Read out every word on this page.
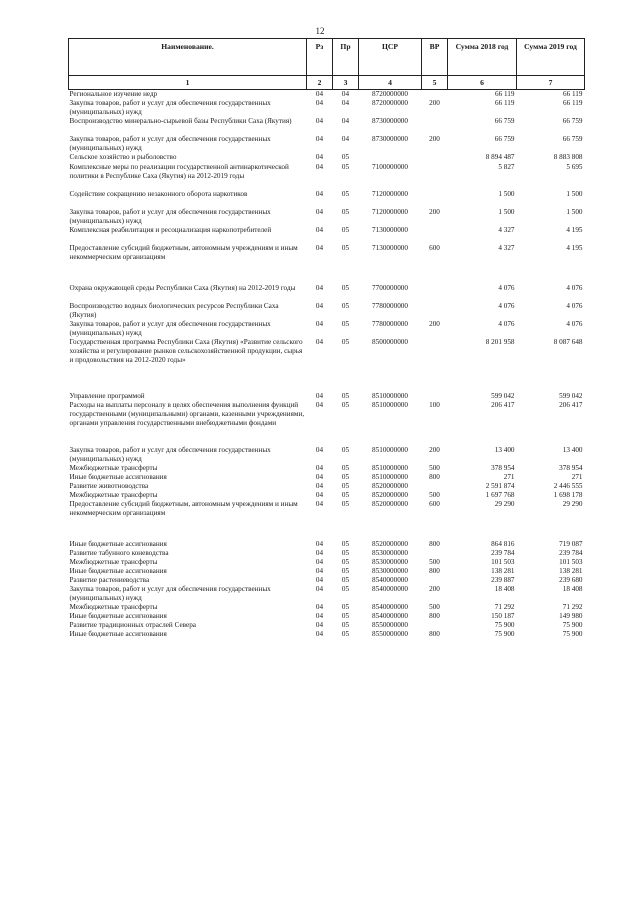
12
Наименование.	Рз	Пр	ЦСР	ВР	Сумма 2018 год	Сумма 2019 год
1	2	3	4	5	6	7
Региональное изучение недр	04	04	8720000000		66 119	66 119
Закупка товаров, работ и услуг для обеспечения государственных (муниципальных) нужд	04	04	8720000000	200	66 119	66 119
Воспроизводство минерально-сырьевой базы Республики Саха (Якутия)	04	04	8730000000		66 759	66 759
Закупка товаров, работ и услуг для обеспечения государственных (муниципальных) нужд	04	04	8730000000	200	66 759	66 759
Сельское хозяйство и рыболовство	04	05			8 894 487	8 883 808
Комплексные меры по реализации государственной антинаркотической политики в Республике Саха (Якутия) на 2012-2019 годы	04	05	7100000000		5 827	5 695
Содействие сокращению незаконного оборота наркотиков	04	05	7120000000		1 500	1 500
Закупка товаров, работ и услуг для обеспечения государственных (муниципальных) нужд	04	05	7120000000	200	1 500	1 500
Комплексная реабилитация и ресоциализация наркопотребителей	04	05	7130000000		4 327	4 195
Предоставление субсидий бюджетным, автономным учреждениям и иным некоммерческим организациям	04	05	7130000000	600	4 327	4 195

Охрана окружающей среды Республики Саха (Якутия) на 2012-2019 годы	04	05	7700000000		4 076	4 076
Воспроизводство водных биологических ресурсов Республики Саха (Якутия)	04	05	7780000000		4 076	4 076
Закупка товаров, работ и услуг для обеспечения государственных (муниципальных) нужд	04	05	7780000000	200	4 076	4 076
Государственная программа Республики Саха (Якутия) «Развитие сельского хозяйства и регулирование рынков сельскохозяйственной продукции, сырья и продовольствия на 2012-2020 годы»	04	05	8500000000		8 201 958	8 087 648

Управление программой	04	05	8510000000		599 042	599 042
Расходы на выплаты персоналу в целях обеспечения выполнения функций государственными (муниципальными) органами, казенными учреждениями, органами управления государственными внебюджетными фондами	04	05	8510000000	100	206 417	206 417
Закупка товаров, работ и услуг для обеспечения государственных (муниципальных) нужд	04	05	8510000000	200	13 400	13 400
Межбюджетные трансферты	04	05	8510000000	500	378 954	378 954
Иные бюджетные ассигнования	04	05	8510000000	800	271	271
Развитие животноводства	04	05	8520000000		2 591 874	2 446 555
Межбюджетные трансферты	04	05	8520000000	500	1 697 768	1 698 178
Предоставление субсидий бюджетным, автономным учреждениям и иным некоммерческим организациям	04	05	8520000000	600	29 290	29 290

Иные бюджетные ассигнования	04	05	8520000000	800	864 816	719 087
Развитие табунного коневодства	04	05	8530000000		239 784	239 784
Межбюджетные трансферты	04	05	8530000000	500	101 503	101 503
Иные бюджетные ассигнования	04	05	8530000000	800	138 281	138 281
Развитие растениеводства	04	05	8540000000		239 887	239 680
Закупка товаров, работ и услуг для обеспечения государственных (муниципальных) нужд	04	05	8540000000	200	18 408	18 408
Межбюджетные трансферты	04	05	8540000000	500	71 292	71 292
Иные бюджетные ассигнования	04	05	8540000000	800	150 187	149 980
Развитие традиционных отраслей Севера	04	05	8550000000		75 900	75 900
Иные бюджетные ассигнования	04	05	8550000000	800	75 900	75 900
